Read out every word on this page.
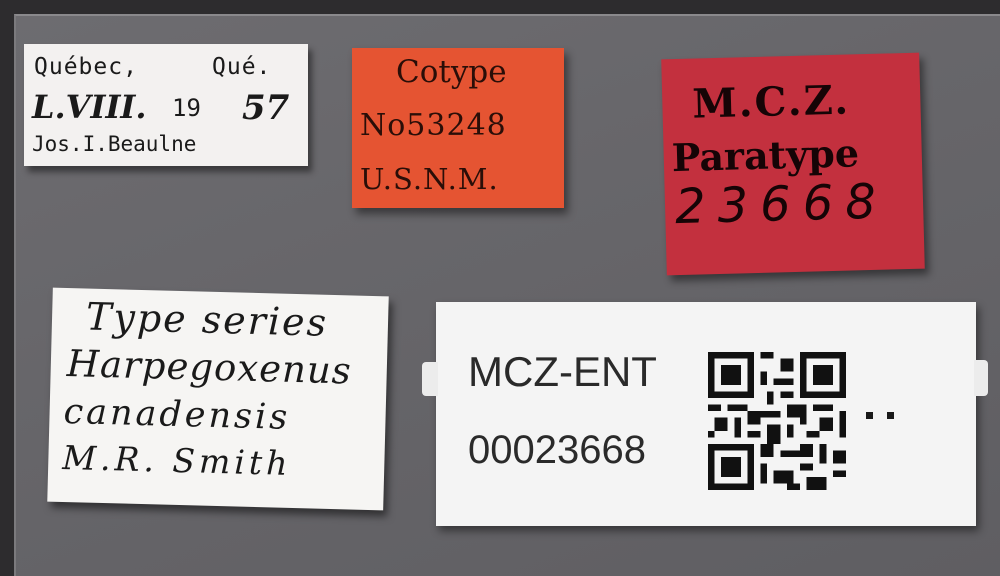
Québec,	Qué.
L.VIII. 19 57
Jos.I.Beaulne
Cotype
No53248
U.S.N.M.
M.C.Z.
Paratype
23668
Type series
Harpegoxenus
canadensis
M.R. Smith
MCZ-ENT
00023668
